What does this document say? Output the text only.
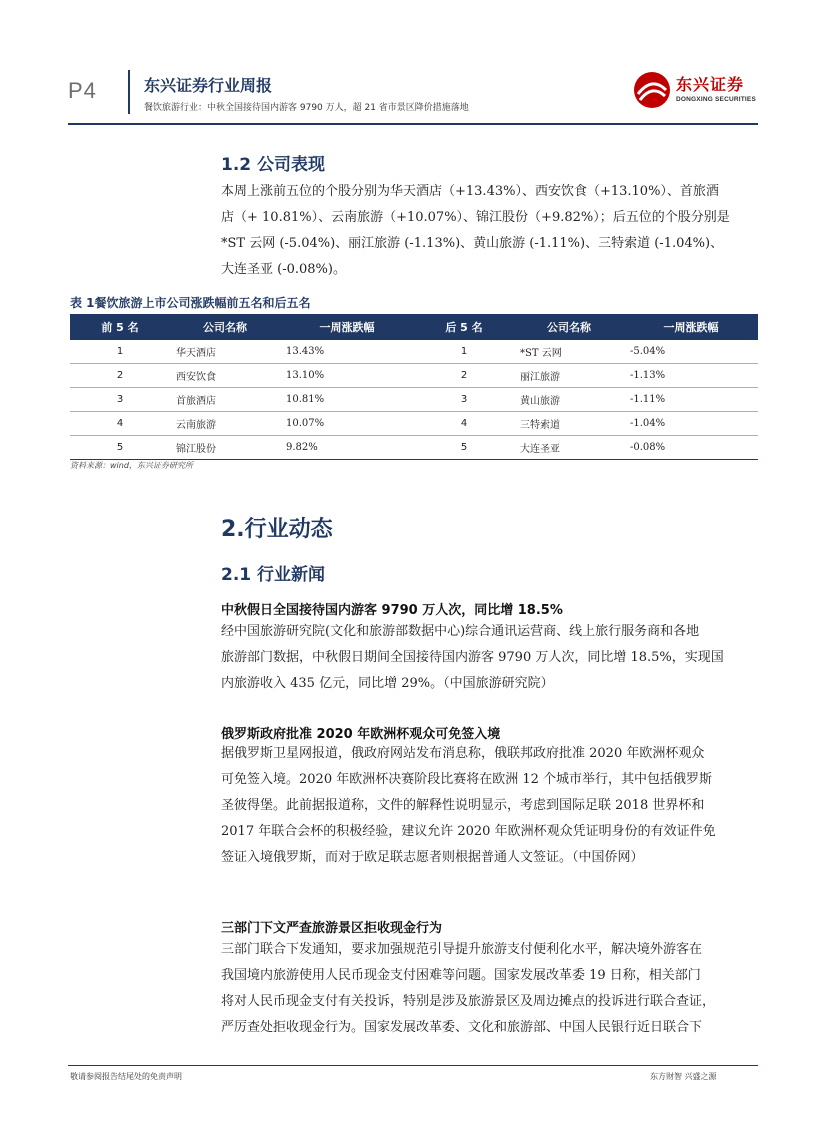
P4	东兴证券行业周报
餐饮旅游行业：中秋全国接待国内游客 9790 万人，超 21 省市景区降价措施落地
东兴证券
DONGXING SECURITIES
1.2 公司表现
本周上涨前五位的个股分别为华天酒店（+13.43%）、西安饮食（+13.10%）、首旅酒
店（+ 10.81%）、云南旅游（+10.07%）、锦江股份（+9.82%）；后五位的个股分别是
*ST 云网 (-5.04%)、丽江旅游 (-1.13%)、黄山旅游 (-1.11%)、三特索道 (-1.04%)、
大连圣亚 (-0.08%)。
表 1餐饮旅游上市公司涨跌幅前五名和后五名
前 5 名	公司名称	一周涨跌幅	后 5 名	公司名称	一周涨跌幅
1	华天酒店	13.43%	1	*ST 云网	-5.04%
2	西安饮食	13.10%	2	丽江旅游	-1.13%
3	首旅酒店	10.81%	3	黄山旅游	-1.11%
4	云南旅游	10.07%	4	三特索道	-1.04%
5	锦江股份	9.82%	5	大连圣亚	-0.08%
资料来源：wind，东兴证券研究所
2.行业动态
2.1 行业新闻
中秋假日全国接待国内游客 9790 万人次，同比增 18.5%
经中国旅游研究院(文化和旅游部数据中心)综合通讯运营商、线上旅行服务商和各地
旅游部门数据，中秋假日期间全国接待国内游客 9790 万人次，同比增 18.5%，实现国
内旅游收入 435 亿元，同比增 29%。（中国旅游研究院）
俄罗斯政府批准 2020 年欧洲杯观众可免签入境
据俄罗斯卫星网报道，俄政府网站发布消息称，俄联邦政府批准 2020 年欧洲杯观众
可免签入境。2020 年欧洲杯决赛阶段比赛将在欧洲 12 个城市举行，其中包括俄罗斯
圣彼得堡。此前据报道称，文件的解释性说明显示，考虑到国际足联 2018 世界杯和
2017 年联合会杯的积极经验，建议允许 2020 年欧洲杯观众凭证明身份的有效证件免
签证入境俄罗斯，而对于欧足联志愿者则根据普通人文签证。（中国侨网）
三部门下文严查旅游景区拒收现金行为
三部门联合下发通知，要求加强规范引导提升旅游支付便利化水平，解决境外游客在
我国境内旅游使用人民币现金支付困难等问题。国家发展改革委 19 日称，相关部门
将对人民币现金支付有关投诉，特别是涉及旅游景区及周边摊点的投诉进行联合查证，
严厉查处拒收现金行为。国家发展改革委、文化和旅游部、中国人民银行近日联合下
敬请参阅报告结尾处的免责声明	东方财智 兴盛之源
